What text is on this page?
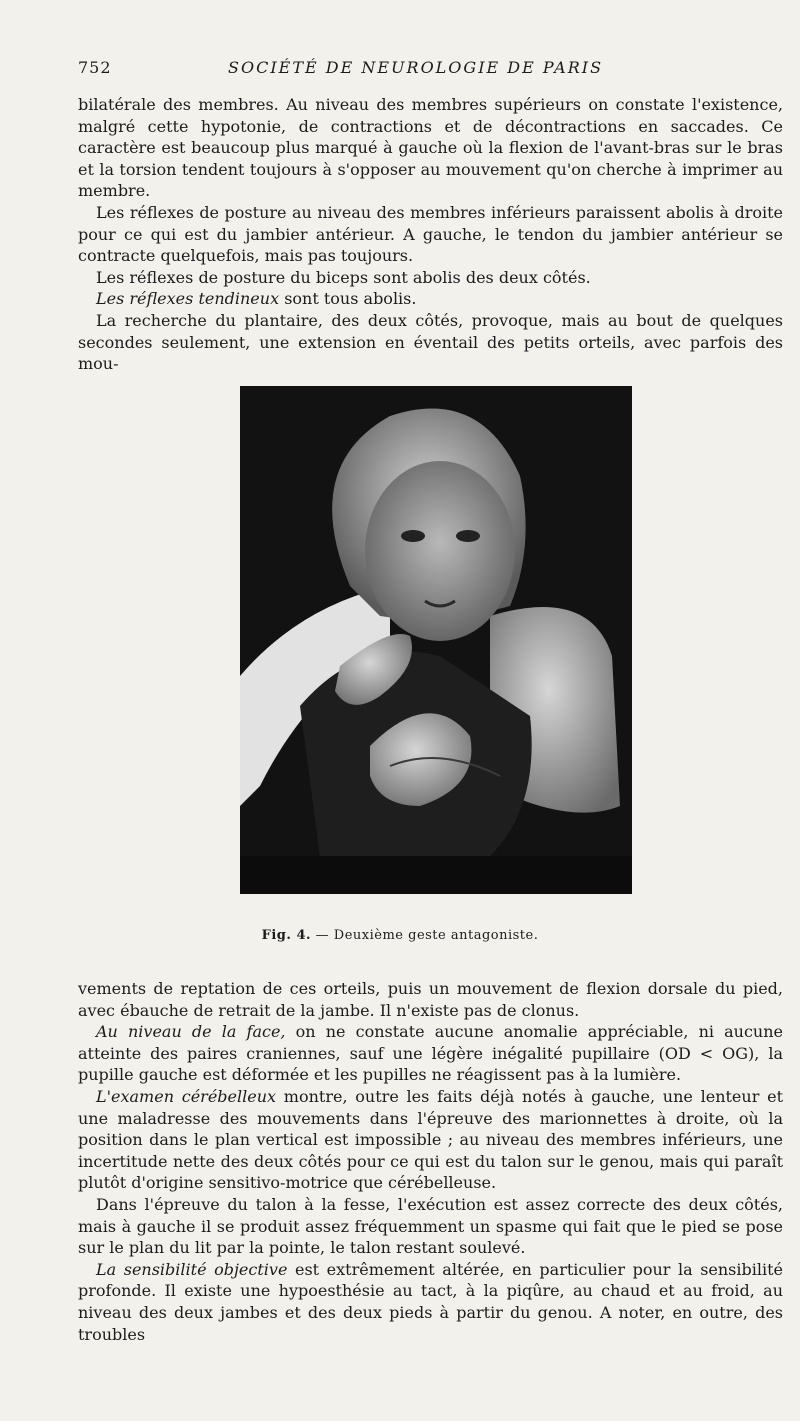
752	SOCIÉTÉ DE NEUROLOGIE DE PARIS

bilatérale des membres. Au niveau des membres supérieurs on constate l'existence, malgré cette hypotonie, de contractions et de décontractions en saccades. Ce caractère est beaucoup plus marqué à gauche où la flexion de l'avant-bras sur le bras et la torsion tendent toujours à s'opposer au mouvement qu'on cherche à imprimer au membre.

Les réflexes de posture au niveau des membres inférieurs paraissent abolis à droite pour ce qui est du jambier antérieur. A gauche, le tendon du jambier antérieur se contracte quelquefois, mais pas toujours.

Les réflexes de posture du biceps sont abolis des deux côtés.

Les réflexes tendineux sont tous abolis.

La recherche du plantaire, des deux côtés, provoque, mais au bout de quelques secondes seulement, une extension en éventail des petits orteils, avec parfois des mou-

Fig. 4. — Deuxième geste antagoniste.

vements de reptation de ces orteils, puis un mouvement de flexion dorsale du pied, avec ébauche de retrait de la jambe. Il n'existe pas de clonus.

Au niveau de la face, on ne constate aucune anomalie appréciable, ni aucune atteinte des paires craniennes, sauf une légère inégalité pupillaire (OD < OG), la pupille gauche est déformée et les pupilles ne réagissent pas à la lumière.

L'examen cérébelleux montre, outre les faits déjà notés à gauche, une lenteur et une maladresse des mouvements dans l'épreuve des marionnettes à droite, où la position dans le plan vertical est impossible ; au niveau des membres inférieurs, une incertitude nette des deux côtés pour ce qui est du talon sur le genou, mais qui paraît plutôt d'origine sensitivo-motrice que cérébelleuse.

Dans l'épreuve du talon à la fesse, l'exécution est assez correcte des deux côtés, mais à gauche il se produit assez fréquemment un spasme qui fait que le pied se pose sur le plan du lit par la pointe, le talon restant soulevé.

La sensibilité objective est extrêmement altérée, en particulier pour la sensibilité profonde. Il existe une hypoesthésie au tact, à la piqûre, au chaud et au froid, au niveau des deux jambes et des deux pieds à partir du genou. A noter, en outre, des troubles
